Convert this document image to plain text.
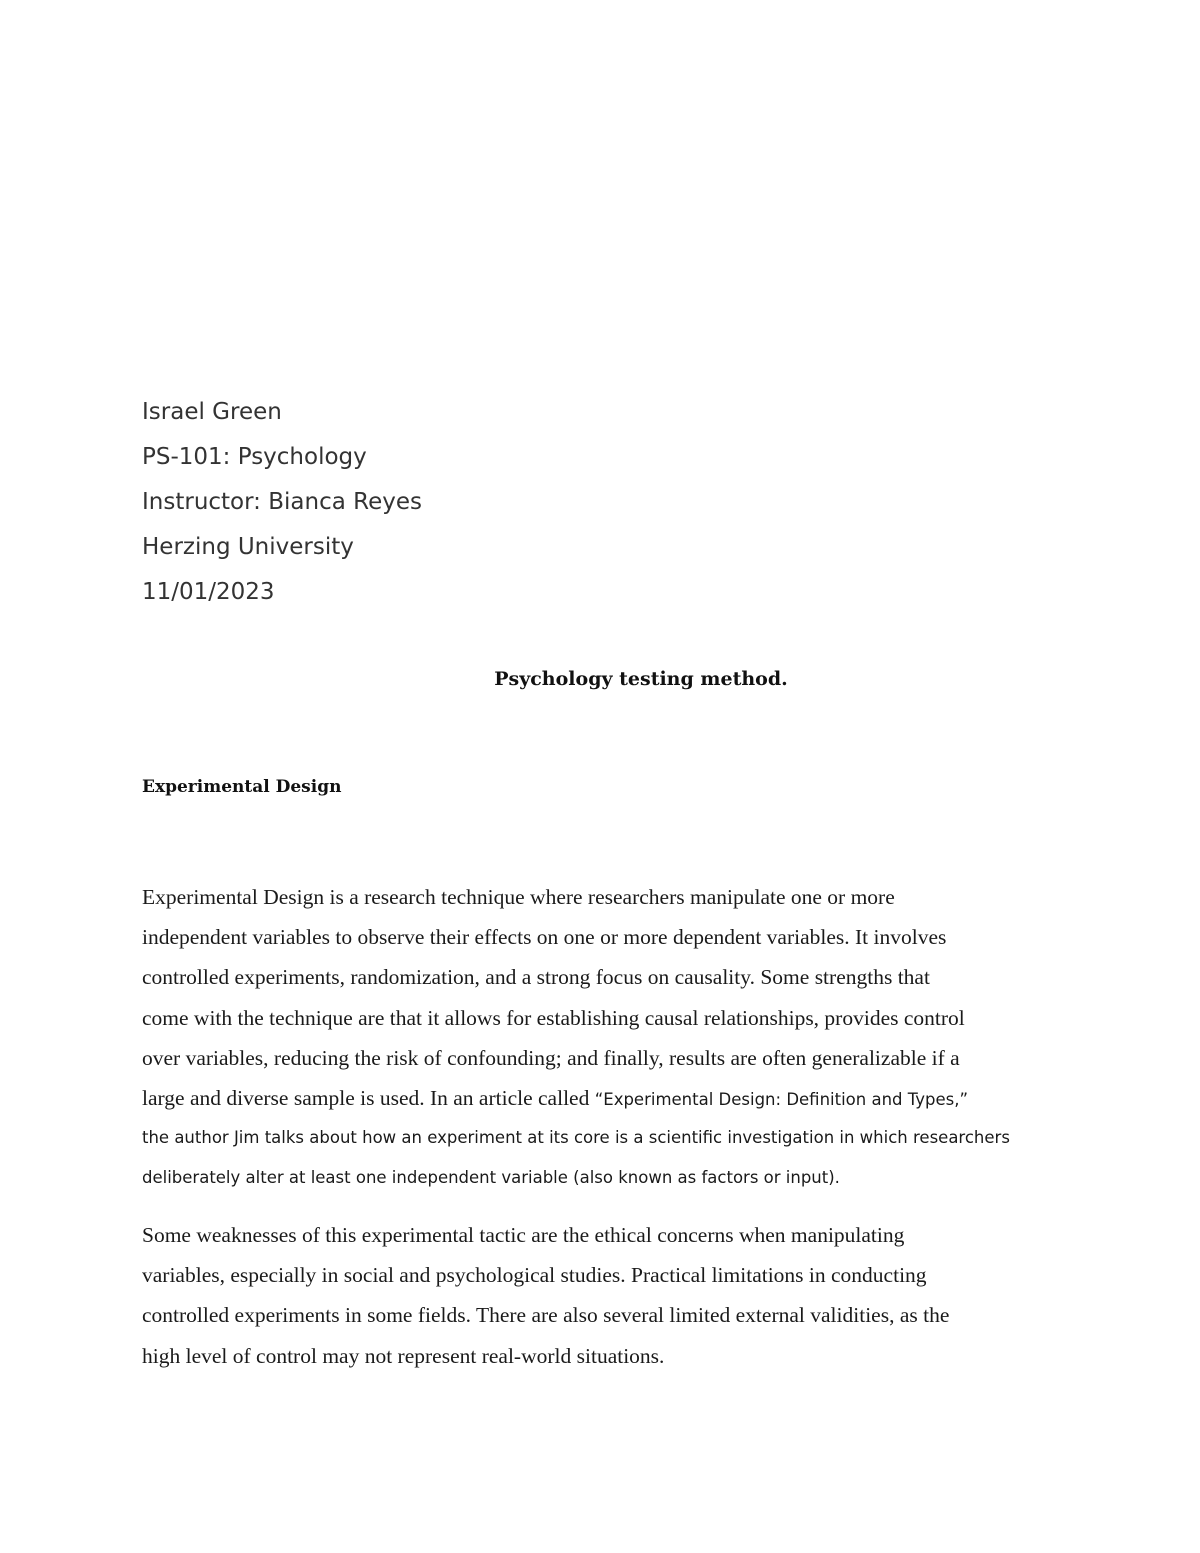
Israel Green
PS-101: Psychology
Instructor: Bianca Reyes
Herzing University
11/01/2023
Psychology testing method.
Experimental Design
Experimental Design is a research technique where researchers manipulate one or more
independent variables to observe their effects on one or more dependent variables. It involves
controlled experiments, randomization, and a strong focus on causality. Some strengths that
come with the technique are that it allows for establishing causal relationships, provides control
over variables, reducing the risk of confounding; and finally, results are often generalizable if a
large and diverse sample is used. In an article called “Experimental Design: Definition and Types,”
the author Jim talks about how an experiment at its core is a scientific investigation in which researchers
deliberately alter at least one independent variable (also known as factors or input).
Some weaknesses of this experimental tactic are the ethical concerns when manipulating
variables, especially in social and psychological studies. Practical limitations in conducting
controlled experiments in some fields. There are also several limited external validities, as the
high level of control may not represent real-world situations.
